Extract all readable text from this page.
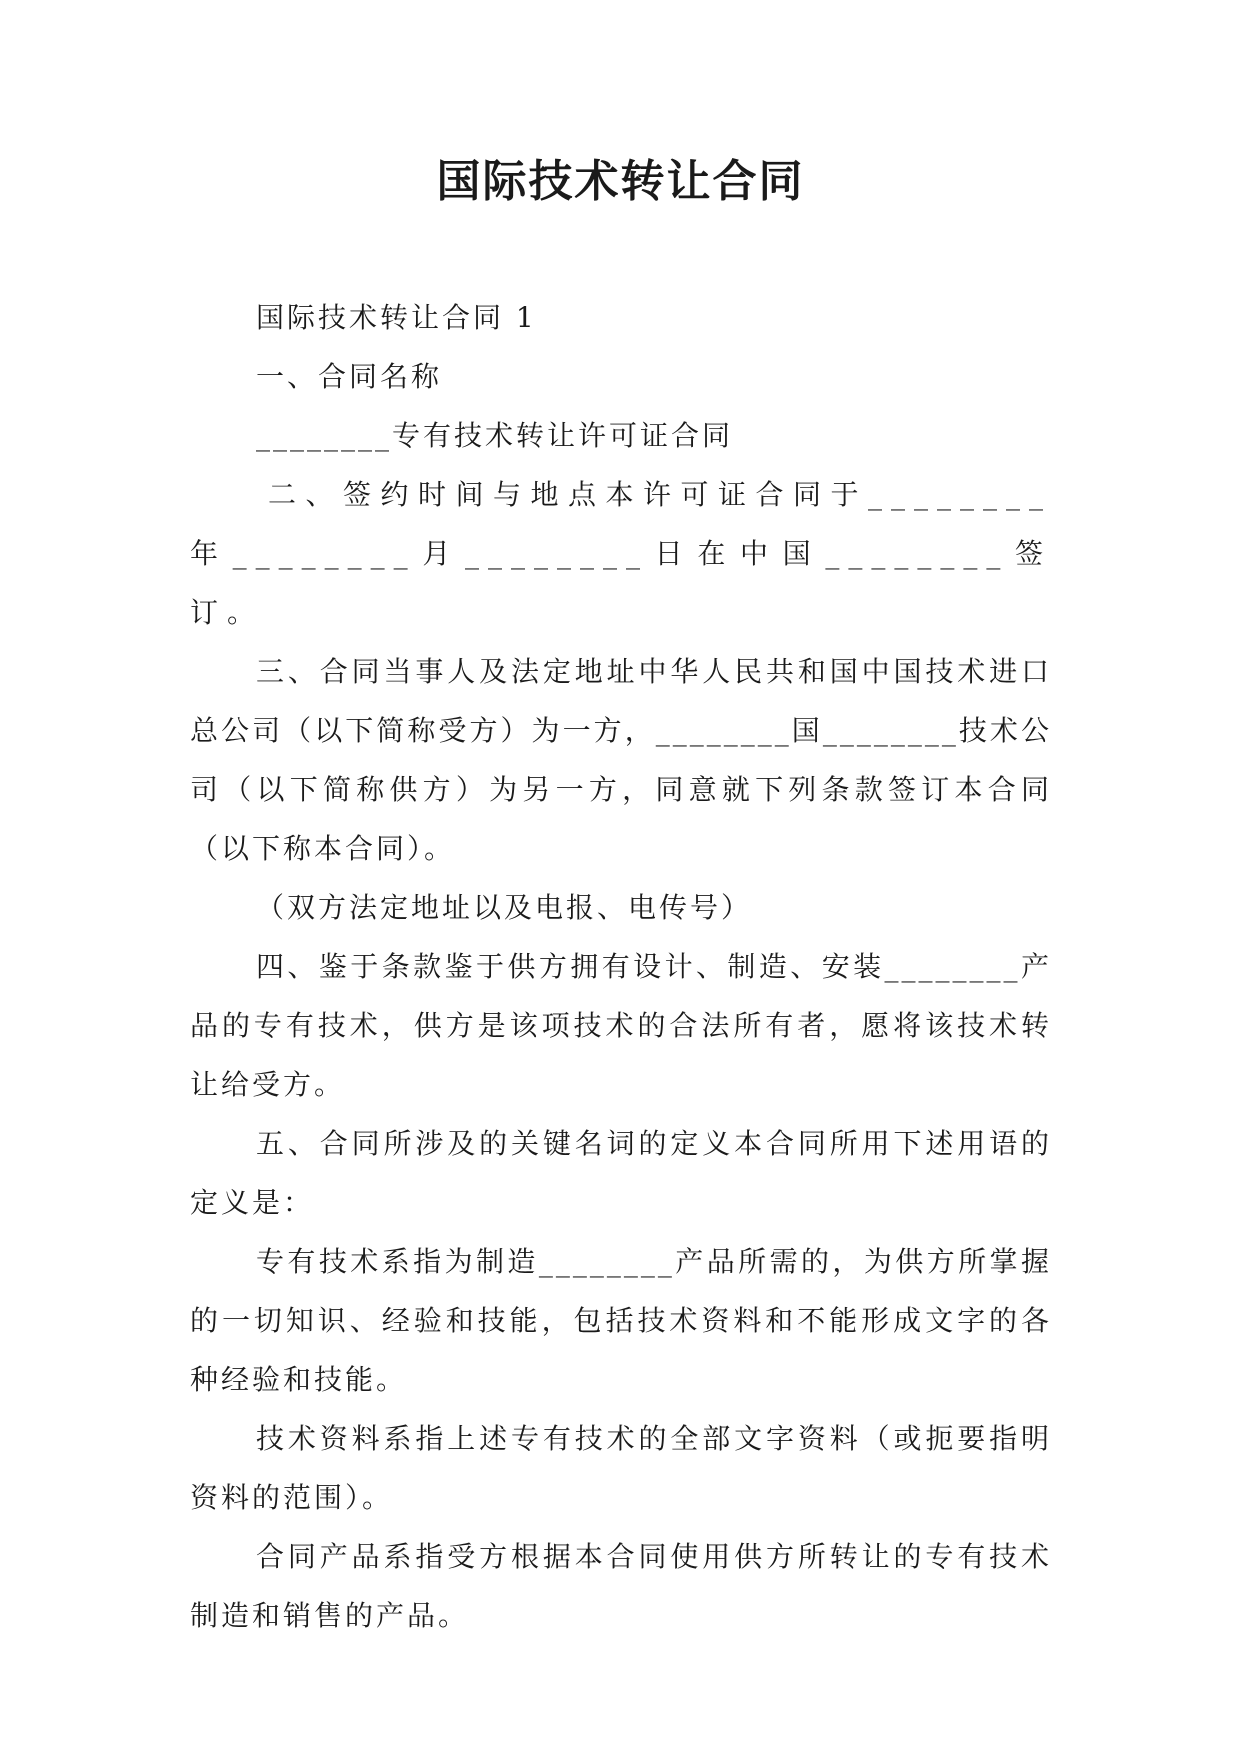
国际技术转让合同

国际技术转让合同 1

一、合同名称

________专有技术转让许可证合同

二、签约时间与地点本许可证合同于________年________月________日在中国________签订。

三、合同当事人及法定地址中华人民共和国中国技术进口总公司（以下简称受方）为一方，________国________技术公司（以下简称供方）为另一方，同意就下列条款签订本合同（以下称本合同）。

（双方法定地址以及电报、电传号）

四、鉴于条款鉴于供方拥有设计、制造、安装________产品的专有技术，供方是该项技术的合法所有者，愿将该技术转让给受方。

五、合同所涉及的关键名词的定义本合同所用下述用语的定义是：

专有技术系指为制造________产品所需的，为供方所掌握的一切知识、经验和技能，包括技术资料和不能形成文字的各种经验和技能。

技术资料系指上述专有技术的全部文字资料（或扼要指明资料的范围）。

合同产品系指受方根据本合同使用供方所转让的专有技术制造和销售的产品。
